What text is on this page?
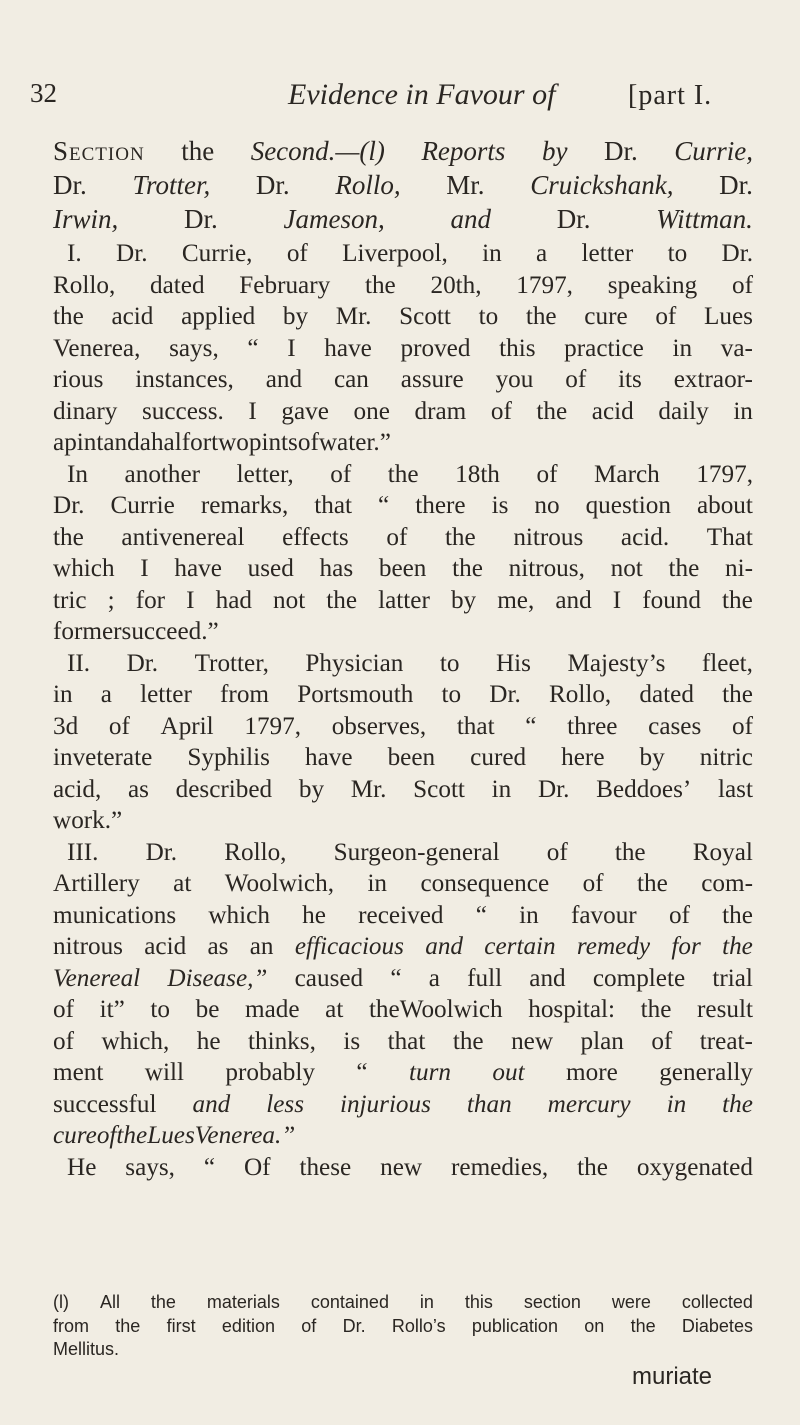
32	Evidence in Favour of	[part I.
Section the Second.—(l) Reports by Dr. Currie,
Dr. Trotter, Dr. Rollo, Mr. Cruickshank, Dr.
Irwin, Dr. Jameson, and Dr. Wittman.
I. Dr. Currie, of Liverpool, in a letter to Dr.
Rollo, dated February the 20th, 1797, speaking of
the acid applied by Mr. Scott to the cure of Lues
Venerea, says, “ I have proved this practice in va-
rious instances, and can assure you of its extraor-
dinary success. I gave one dram of the acid daily in
a pint and a half or two pints of water.”
In another letter, of the 18th of March 1797,
Dr. Currie remarks, that “ there is no question about
the antivenereal effects of the nitrous acid. That
which I have used has been the nitrous, not the ni-
tric ; for I had not the latter by me, and I found the
former succeed.”
II. Dr. Trotter, Physician to His Majesty’s fleet,
in a letter from Portsmouth to Dr. Rollo, dated the
3d of April 1797, observes, that “ three cases of
inveterate Syphilis have been cured here by nitric
acid, as described by Mr. Scott in Dr. Beddoes’ last
work.”
III. Dr. Rollo, Surgeon-general of the Royal
Artillery at Woolwich, in consequence of the com-
munications which he received “ in favour of the
nitrous acid as an efficacious and certain remedy for the
Venereal Disease,” caused “ a full and complete trial
of it” to be made at theWoolwich hospital: the result
of which, he thinks, is that the new plan of treat-
ment will probably “ turn out more generally
successful and less injurious than mercury in the
cure of the Lues Venerea.”
He says, “ Of these new remedies, the oxygenated
(l) All the materials contained in this section were collected
from the first edition of Dr. Rollo’s publication on the Diabetes
Mellitus.
muriate
